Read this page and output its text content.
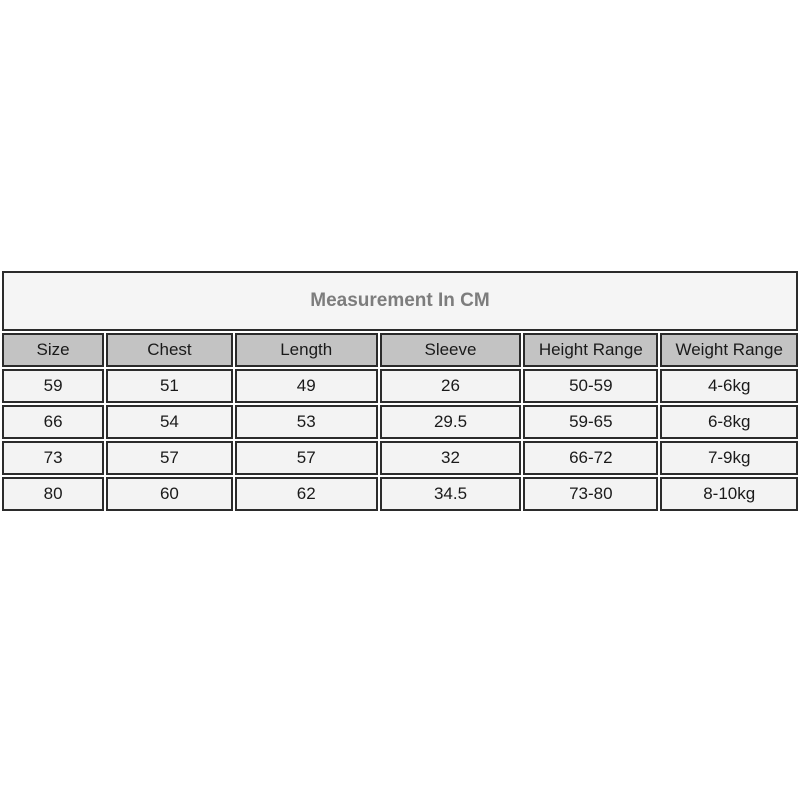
Measurement In CM					
Size	Chest	Length	Sleeve	Height Range	Weight Range
59	51	49	26	50-59	4-6kg
66	54	53	29.5	59-65	6-8kg
73	57	57	32	66-72	7-9kg
80	60	62	34.5	73-80	8-10kg
